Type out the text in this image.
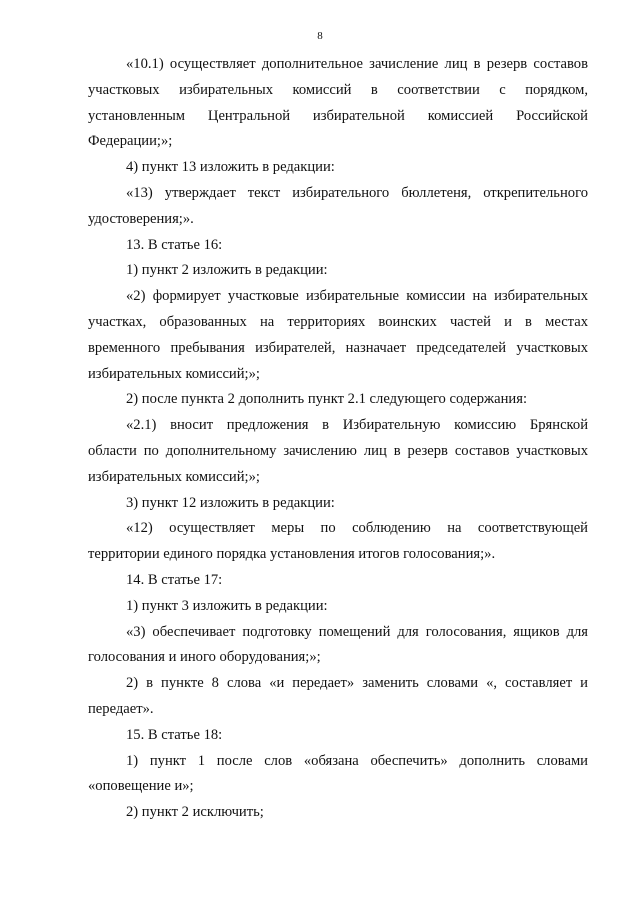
8

«10.1) осуществляет дополнительное зачисление лиц в резерв составов

участковых избирательных комиссий в соответствии с порядком,

установленным Центральной избирательной комиссией Российской

Федерации;»;

4) пункт 13 изложить в редакции:

«13) утверждает текст избирательного бюллетеня, открепительного

удостоверения;».

13. В статье 16:

1) пункт 2 изложить в редакции:

«2) формирует участковые избирательные комиссии на избирательных

участках, образованных на территориях воинских частей и в местах

временного пребывания избирателей, назначает председателей участковых

избирательных комиссий;»;

2) после пункта 2 дополнить пункт 2.1 следующего содержания:

«2.1) вносит предложения в Избирательную комиссию Брянской

области по дополнительному зачислению лиц в резерв составов участковых

избирательных комиссий;»;

3) пункт 12 изложить в редакции:

«12) осуществляет меры по соблюдению на соответствующей

территории единого порядка установления итогов голосования;».

14. В статье 17:

1) пункт 3 изложить в редакции:

«3) обеспечивает подготовку помещений для голосования, ящиков для

голосования и иного оборудования;»;

2) в пункте 8 слова «и передает» заменить словами «, составляет и

передает».

15. В статье 18:

1) пункт 1 после слов «обязана обеспечить» дополнить словами

«оповещение и»;

2) пункт 2 исключить;
